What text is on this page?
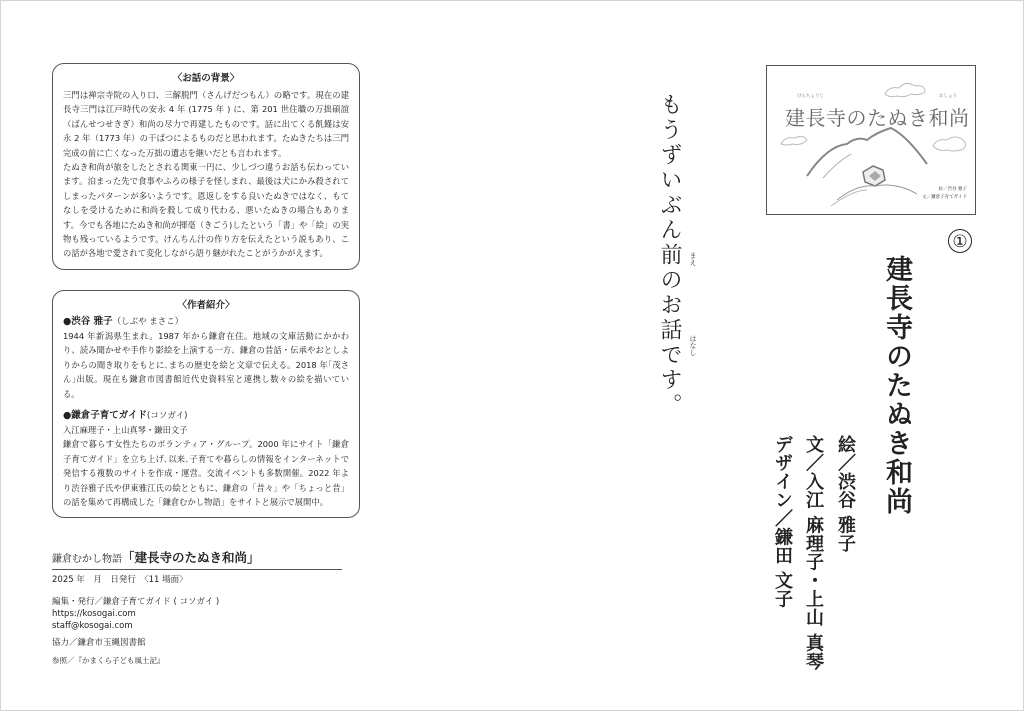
〈お話の背景〉

三門は禅宗寺院の入り口、三解脱門（さんげだつもん）の略です。現在の建長寺三門は江戸時代の安永 4 年 (1775 年 ) に、第 201 世住職の万拙碩誼（ばんせつせきぎ）和尚の尽力で再建したものです。話に出てくる飢饉は安永 2 年（1773 年）の干ばつによるものだと思われます。たぬきたちは三門完成の前に亡くなった万拙の遺志を継いだとも言われます。

たぬき和尚が旅をしたとされる関東一円に、少しづつ違うお話も伝わっています。泊まった先で食事やふろの様子を怪しまれ、最後は犬にかみ殺されてしまったパターンが多いようです。恩返しをする良いたぬきではなく、もてなしを受けるために和尚を殺して成り代わる、悪いたぬきの場合もあります。今でも各地にたぬき和尚が揮毫（きごう)したという「書」や「絵」の実物も残っているようです。けんちん汁の作り方を伝えたという説もあり、この話が各地で愛されて変化しながら語り継がれたことがうかがえます。

〈作者紹介〉
●渋谷 雅子（しぶや まさこ）

1944 年新潟県生まれ。1987 年から鎌倉在住。地域の文庫活動にかかわり、読み聞かせや手作り影絵を上演する一方、鎌倉の昔話・伝承やおとしよりからの聞き取りをもとに､まちの歴史を絵と文章で伝える。2018 年｢茂さん｣出版。現在も鎌倉市図書館近代史資料室と連携し数々の絵を描いている。

●鎌倉子育てガイド(コソガイ)
入江麻理子・上山真琴・鎌田文子

鎌倉で暮らす女性たちのボランティア・グループ。2000 年にサイト「鎌倉子育てガイド」を立ち上げ､以来､子育てや暮らしの情報をインターネットで発信する複数のサイトを作成・運営。交流イベントも多数開催。2022 年より渋谷雅子氏や伊東雅江氏の絵とともに、鎌倉の「昔々」や「ちょっと昔」の話を集めて再構成した「鎌倉むかし物語」をサイトと展示で展開中。

鎌倉むかし物語「建長寺のたぬき和尚」
2025 年　月　日発行　〈11 場面〉
編集・発行／鎌倉子育てガイド ( コソガイ )
https://kosogai.com
staff@kosogai.com
協力／鎌倉市玉縄図書館
参照／『かまくら子ども風土記』
けんちょうじ	おしょう
建長寺のたぬき和尚
絵／渋谷 雅子
文／鎌倉子育てガイド
もうずいぶん前のお話です。 まえ
はなし
①
建長寺のたぬき和尚
絵／渋谷 雅子
文／入江 麻理子・上山 真琴
デザイン／鎌田 文子
